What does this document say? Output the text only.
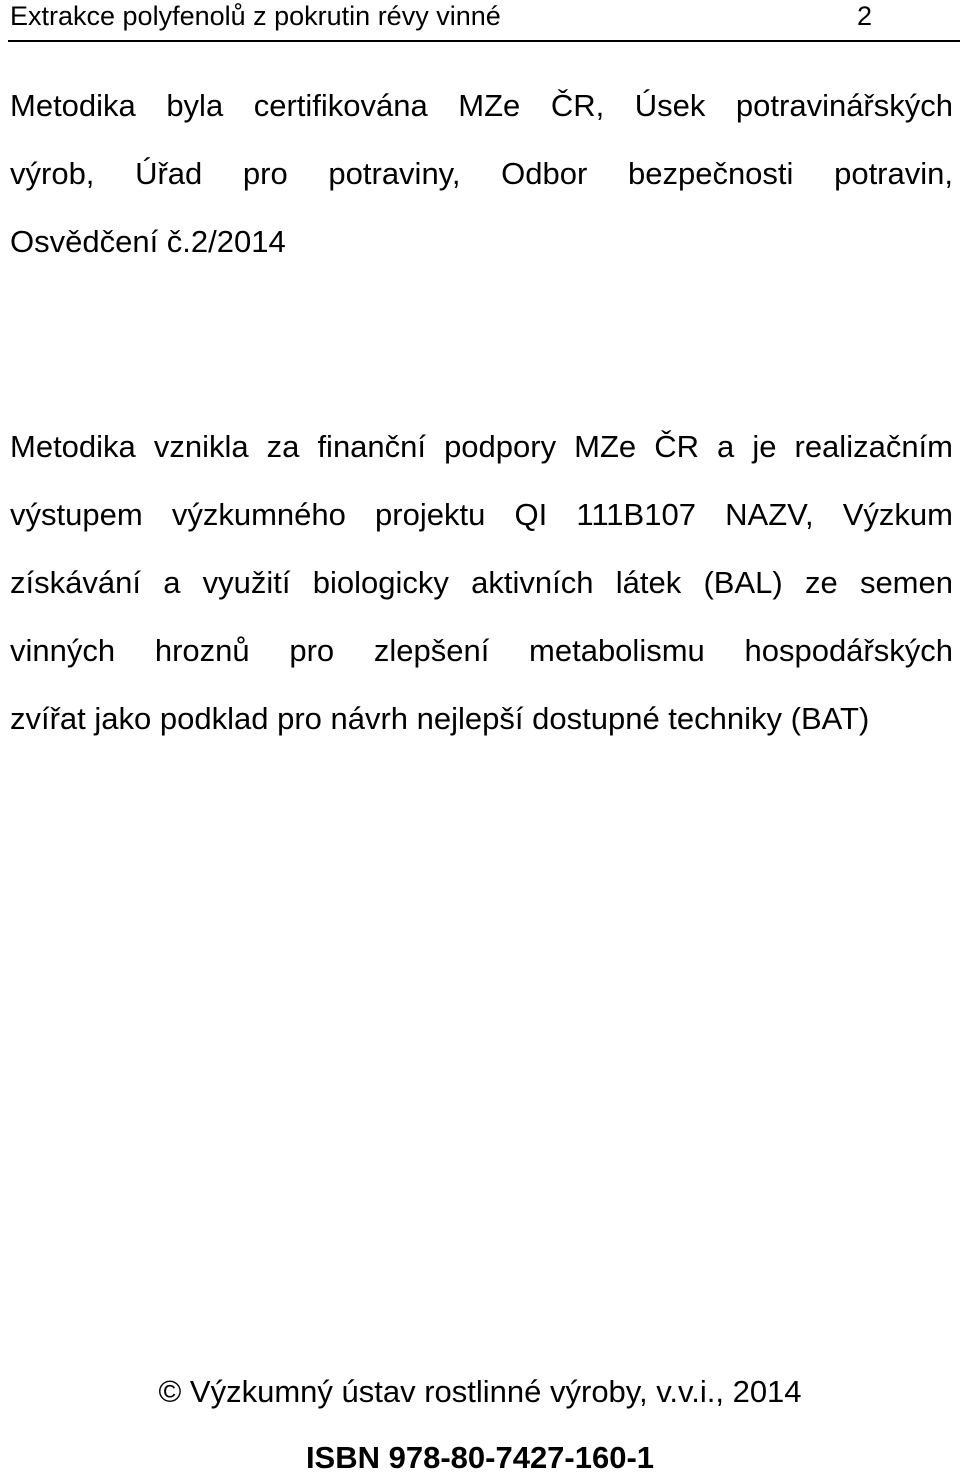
Extrakce polyfenolů z pokrutin révy vinné	2
Metodika byla certifikována MZe ČR, Úsek potravinářských
výrob, Úřad pro potraviny, Odbor bezpečnosti potravin,
Osvědčení č.2/2014
Metodika vznikla za finanční podpory MZe ČR a je realizačním
výstupem výzkumného projektu QI 111B107 NAZV, Výzkum
získávání a využití biologicky aktivních látek (BAL) ze semen
vinných hroznů pro zlepšení metabolismu hospodářských
zvířat jako podklad pro návrh nejlepší dostupné techniky (BAT)
© Výzkumný ústav rostlinné výroby, v.v.i., 2014
ISBN 978-80-7427-160-1
